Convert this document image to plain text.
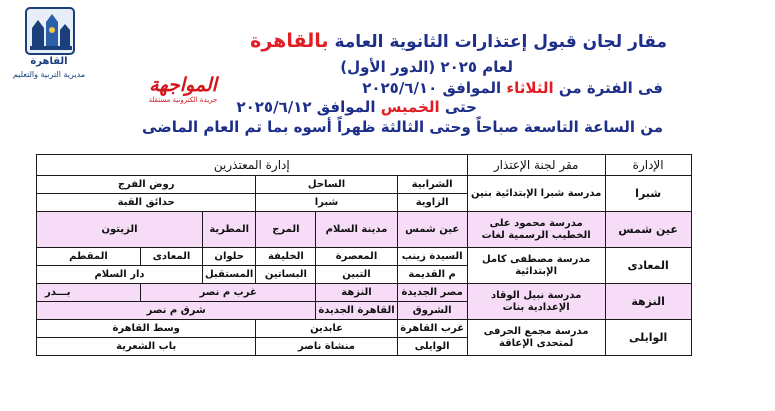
القاهرة
مديرية التربية والتعليم
مقار لجان قبول إعتذارات الثانوية العامة بالقاهرة
لعام ٢٠٢٥ (الدور الأول)
فى الفترة من الثلاثاء الموافق ٢٠٢٥/٦/١٠
حتى الخميس الموافق ٢٠٢٥/٦/١٢
من الساعة التاسعة صباحاً وحتى الثالثة ظهراً أسوه بما تم العام الماضى
المواجهة
جريدة الكترونية مستقلة
الإدارة	مقر لجنة الإعتذار	إدارة المعتذرين					
شبرا	مدرسة شبرا الإبتدائية بنين	الشرابية	الساحل		روض الفرج		
		الزاوية	شبرا		حدائق القبة		
عين شمس	مدرسة محمود على الخطيب الرسمية لغات	عين شمس	مدينة السلام	المرج	المطرية	الزيتون	
المعادى	مدرسة مصطفى كامل الإبتدائية	السيدة زينب	المعصرة	الخليفة	حلوان	المعادى	المقطم
		م القديمة	التبين	البساتين	المستقبل	دار السلام	
النزهة	مدرسة نبيل الوقاد الإعدادية بنات	مصر الجديدة	النزهة	غرب م نصر			بـــدر
		الشروق	القاهرة الجديدة	شرق م نصر			
الوايلى	مدرسة مجمع الحرفى لمتحدى الإعاقة	غرب القاهرة	عابدين		وسط القاهرة		
		الوايلى	منشاة ناصر		باب الشعرية		
